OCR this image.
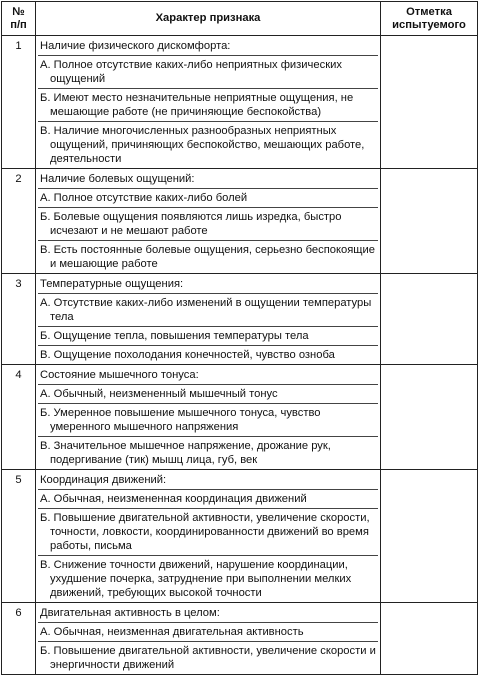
№
п/п	Характер признака	Отметка
испытуемого

1	Наличие физического дискомфорта:
А. Полное отсутствие каких-либо неприятных физических ощущений
Б. Имеют место незначительные неприятные ощущения, не мешающие работе (не причиняющие беспокойства)
В. Наличие многочисленных разнообразных неприятных ощущений, причиняющих беспокойство, мешающих работе, деятельности	

2	Наличие болевых ощущений:
А. Полное отсутствие каких-либо болей
Б. Болевые ощущения появляются лишь изредка, быстро исчезают и не мешают работе
В. Есть постоянные болевые ощущения, серьезно беспокоящие и мешающие работе	

3	Температурные ощущения:
А. Отсутствие каких-либо изменений в ощущении температуры тела
Б. Ощущение тепла, повышения температуры тела
В. Ощущение похолодания конечностей, чувство озноба	

4	Состояние мышечного тонуса:
А. Обычный, неизмененный мышечный тонус
Б. Умеренное повышение мышечного тонуса, чувство умеренного мышечного напряжения
В. Значительное мышечное напряжение, дрожание рук, подергивание (тик) мышц лица, губ, век	

5	Координация движений:
А. Обычная, неизмененная координация движений
Б. Повышение двигательной активности, увеличение скорости, точности, ловкости, координированности движений во время работы, письма
В. Снижение точности движений, нарушение координации, ухудшение почерка, затруднение при выполнении мелких движений, требующих высокой точности	

6	Двигательная активность в целом:
А. Обычная, неизменная двигательная активность
Б. Повышение двигательной активности, увеличение скорости и энергичности движений	
